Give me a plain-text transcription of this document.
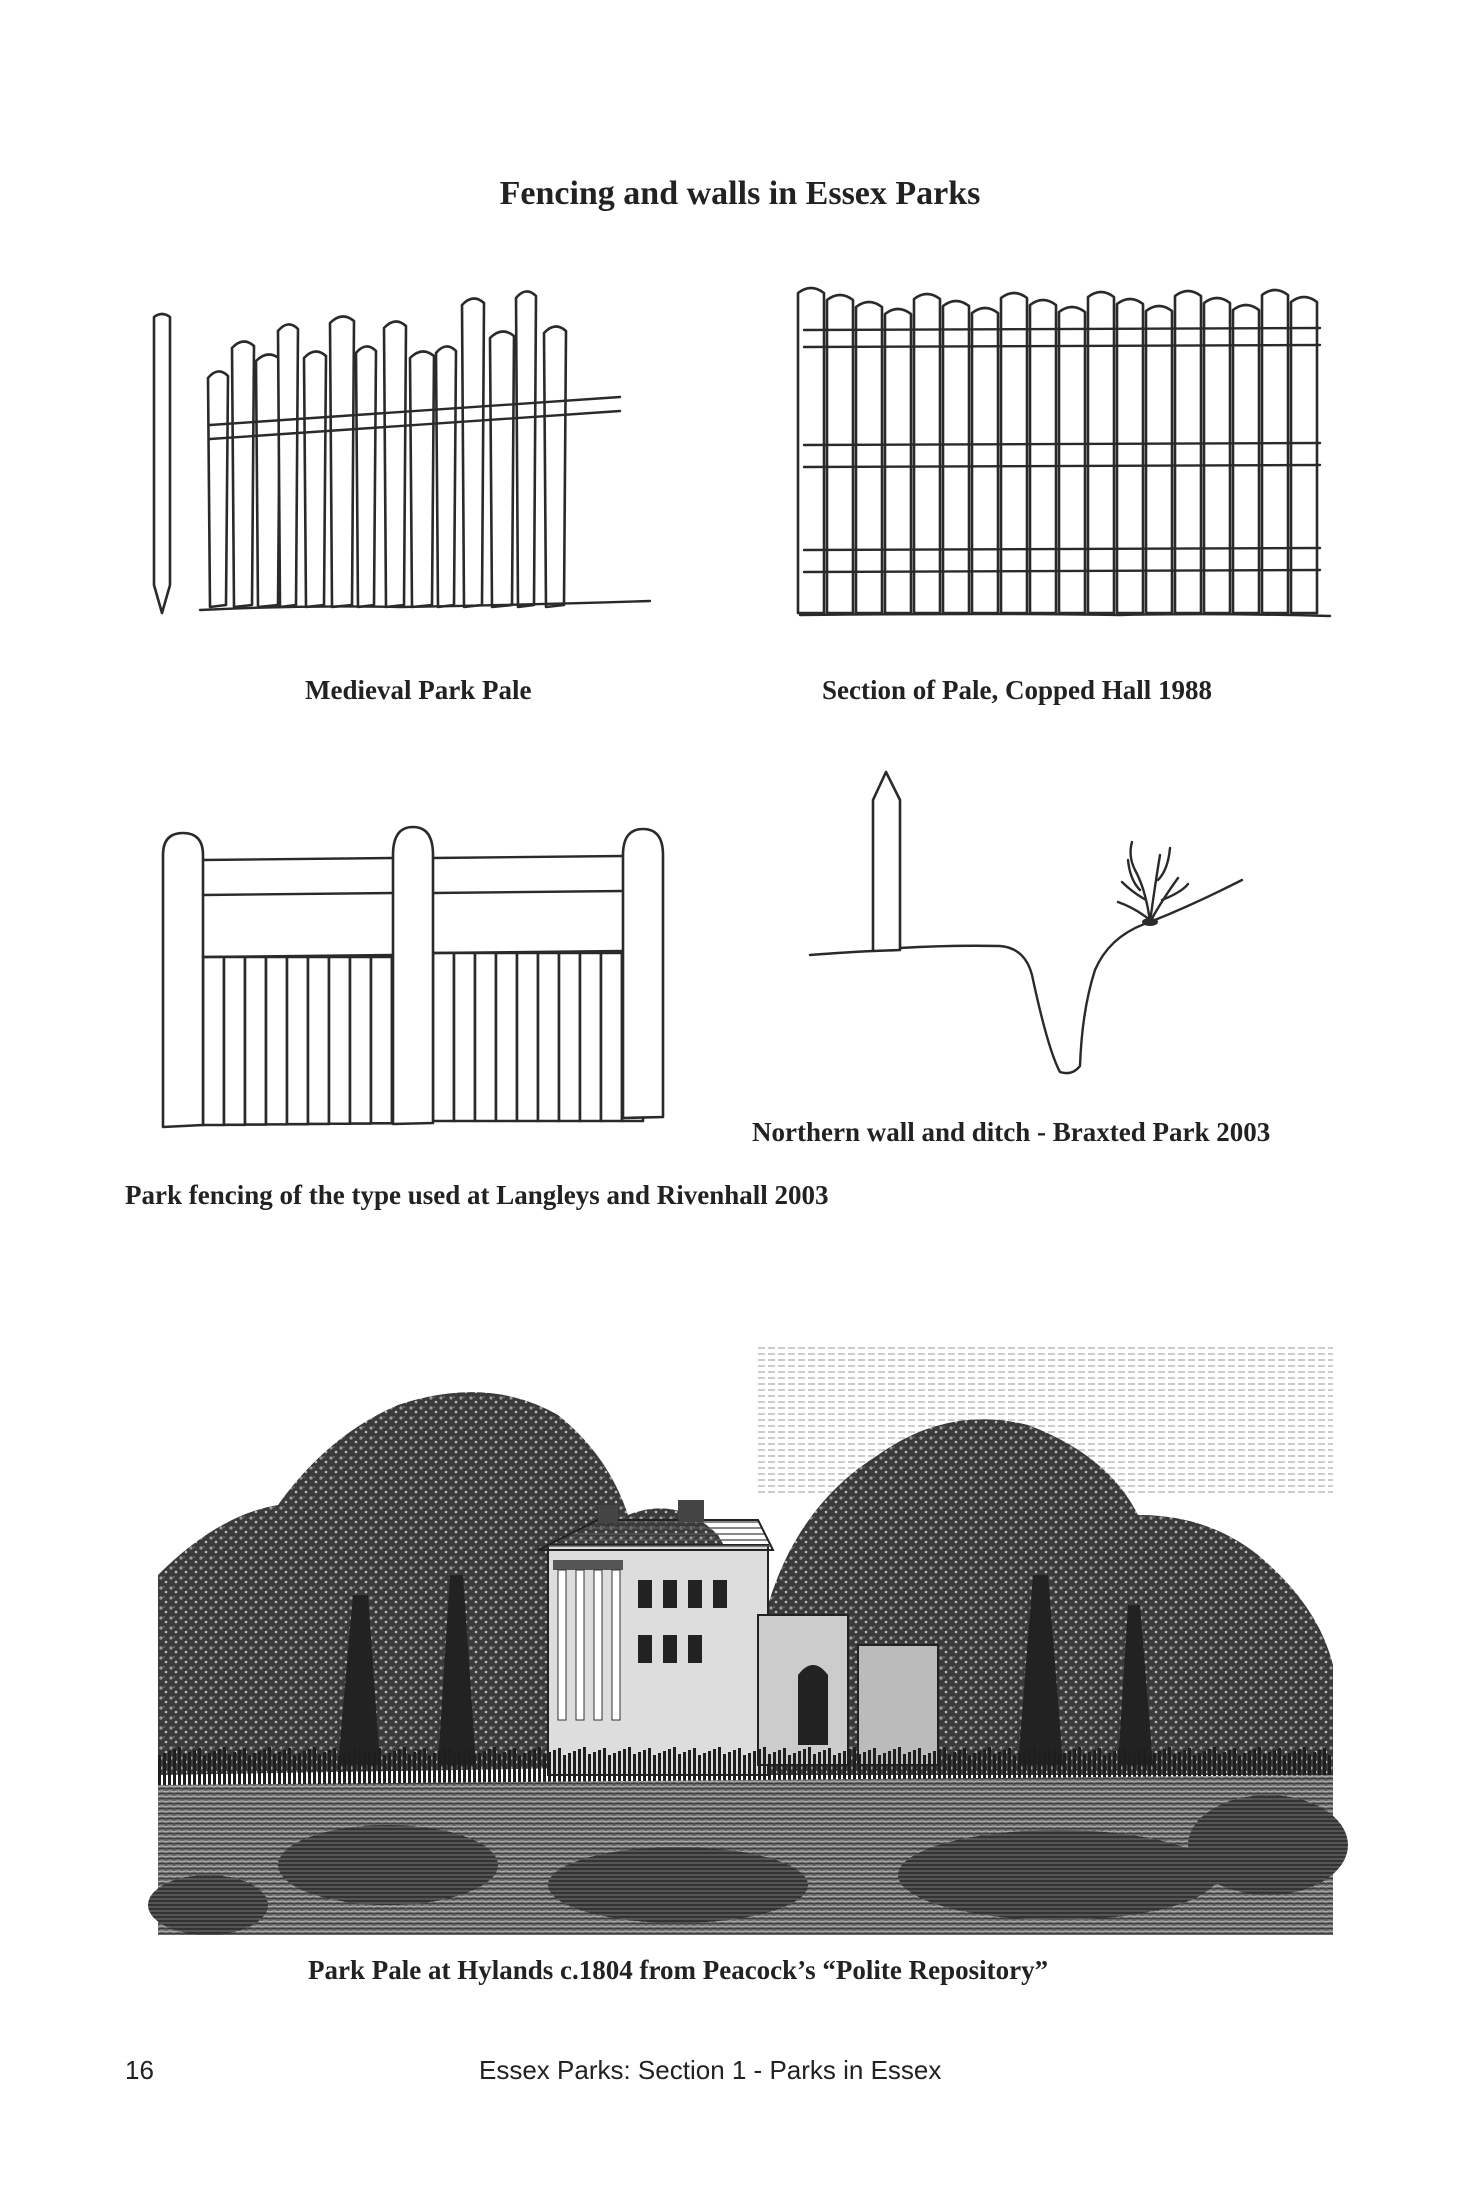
Fencing and walls in Essex Parks
Medieval Park Pale	Section of Pale, Copped Hall 1988
Northern wall and ditch - Braxted Park 2003
Park fencing of the type used at Langleys and Rivenhall 2003
Park Pale at Hylands c.1804 from Peacock’s “Polite Repository”
16	Essex Parks: Section 1 - Parks in Essex
